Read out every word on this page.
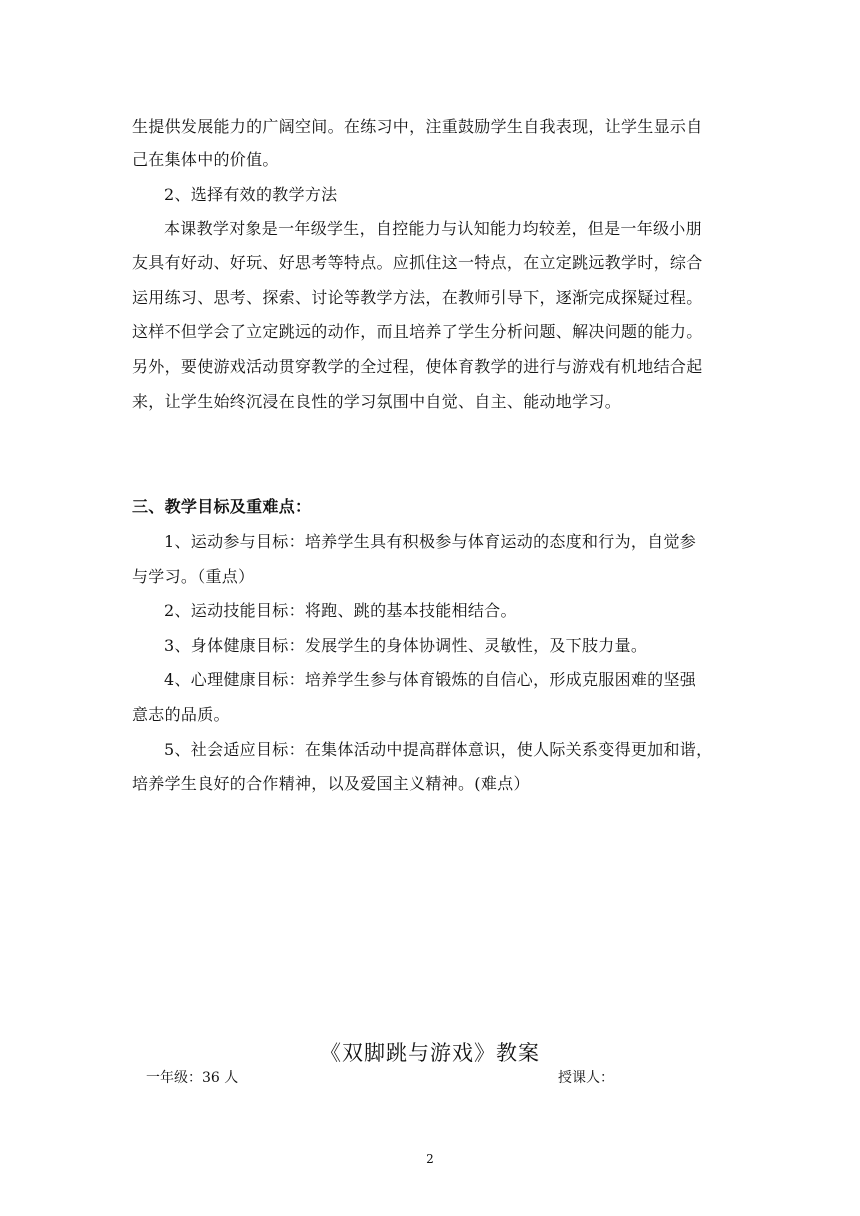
生提供发展能力的广阔空间。在练习中，注重鼓励学生自我表现，让学生显示自
己在集体中的价值。
2、选择有效的教学方法
本课教学对象是一年级学生，自控能力与认知能力均较差，但是一年级小朋
友具有好动、好玩、好思考等特点。应抓住这一特点，在立定跳远教学时，综合
运用练习、思考、探索、讨论等教学方法，在教师引导下，逐渐完成探疑过程。
这样不但学会了立定跳远的动作，而且培养了学生分析问题、解决问题的能力。
另外，要使游戏活动贯穿教学的全过程，使体育教学的进行与游戏有机地结合起
来，让学生始终沉浸在良性的学习氛围中自觉、自主、能动地学习。
三、教学目标及重难点：
1、运动参与目标：培养学生具有积极参与体育运动的态度和行为，自觉参
与学习。（重点）
2、运动技能目标：将跑、跳的基本技能相结合。
3、身体健康目标：发展学生的身体协调性、灵敏性，及下肢力量。
4、心理健康目标：培养学生参与体育锻炼的自信心，形成克服困难的坚强
意志的品质。
5、社会适应目标：在集体活动中提高群体意识，使人际关系变得更加和谐，
培养学生良好的合作精神，以及爱国主义精神。(难点）
《双脚跳与游戏》教案
一年级：36 人	授课人：
2
